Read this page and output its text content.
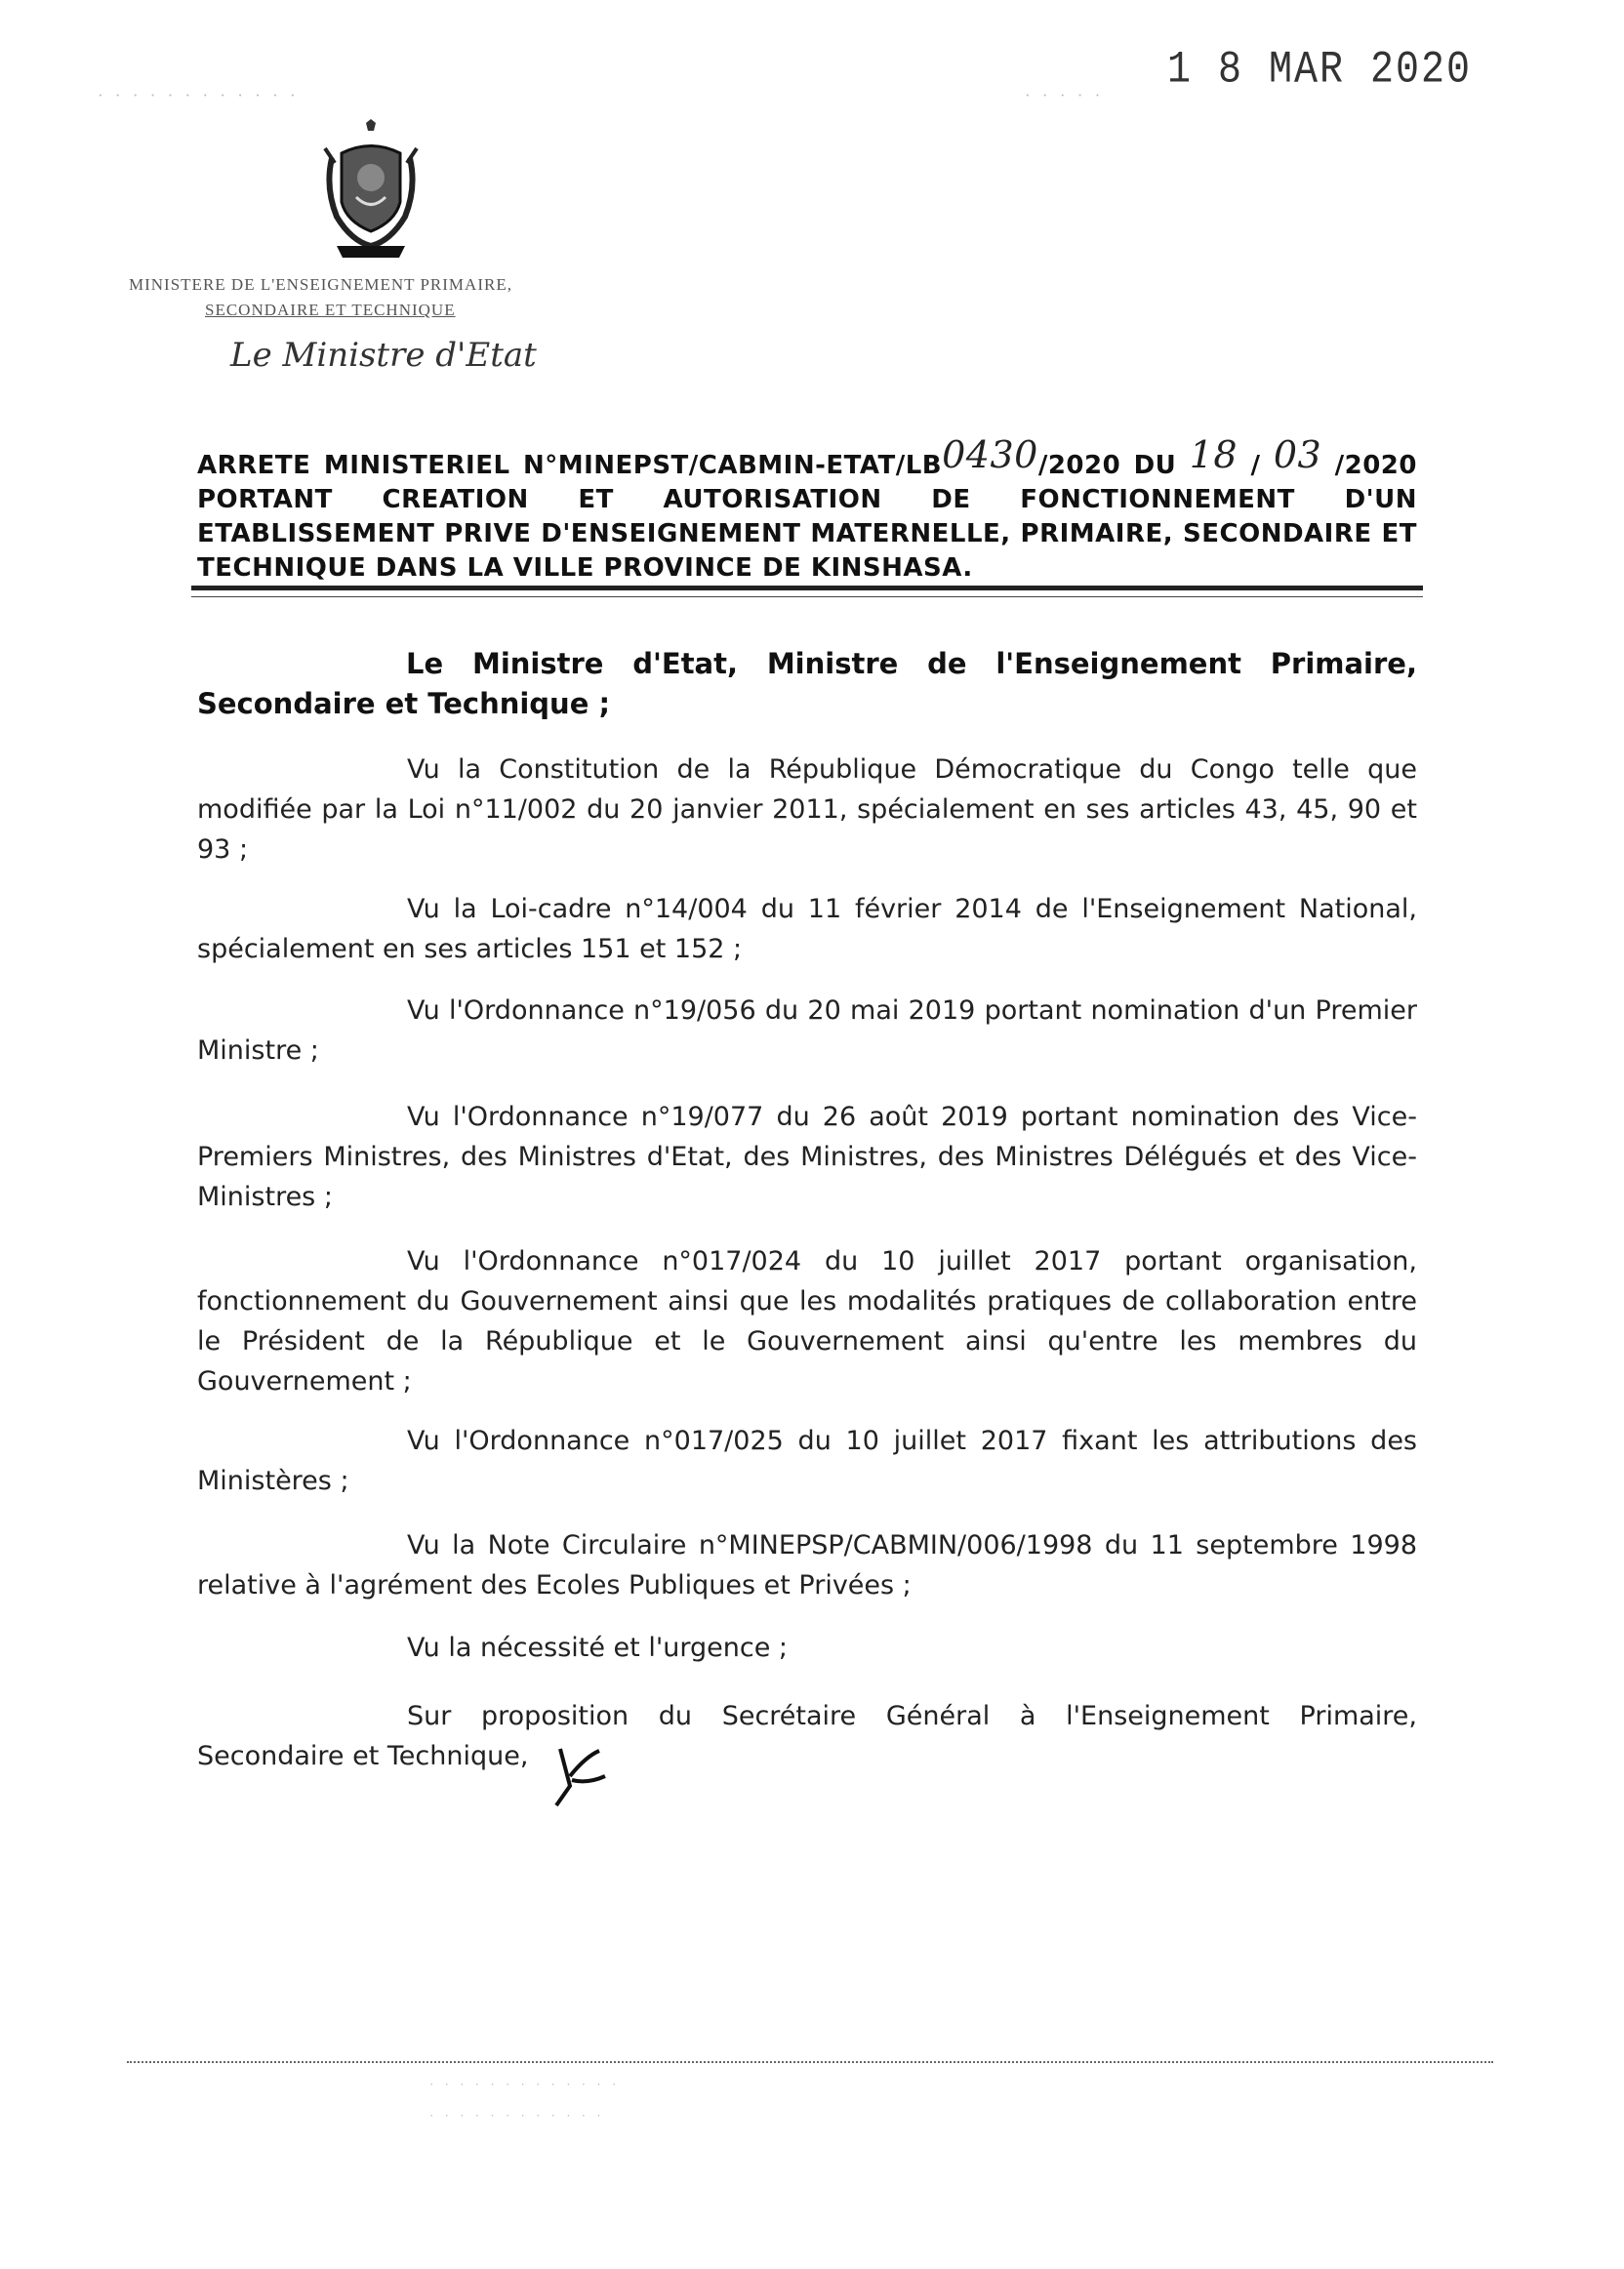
· · · · · · · · · · · ·	· · · · · 1 8 MAR 2020
MINISTERE DE L'ENSEIGNEMENT PRIMAIRE,
SECONDAIRE ET TECHNIQUE
Le Ministre d'Etat
ARRETE MINISTERIEL N°MINEPST/CABMIN-ETAT/LB0430/2020 DU 18 / 03 /2020 PORTANT CREATION ET AUTORISATION DE FONCTIONNEMENT D'UN ETABLISSEMENT PRIVE D'ENSEIGNEMENT MATERNELLE, PRIMAIRE, SECONDAIRE ET TECHNIQUE DANS LA VILLE PROVINCE DE KINSHASA.
Le Ministre d'Etat, Ministre de l'Enseignement Primaire, Secondaire et Technique ;
Vu la Constitution de la République Démocratique du Congo telle que modifiée par la Loi n°11/002 du 20 janvier 2011, spécialement en ses articles 43, 45, 90 et 93 ;
Vu la Loi-cadre n°14/004 du 11 février 2014 de l'Enseignement National, spécialement en ses articles 151 et 152 ;
Vu l'Ordonnance n°19/056 du 20 mai 2019 portant nomination d'un Premier Ministre ;
Vu l'Ordonnance n°19/077 du 26 août 2019 portant nomination des Vice-Premiers Ministres, des Ministres d'Etat, des Ministres, des Ministres Délégués et des Vice-Ministres ;
Vu l'Ordonnance n°017/024 du 10 juillet 2017 portant organisation, fonctionnement du Gouvernement ainsi que les modalités pratiques de collaboration entre le Président de la République et le Gouvernement ainsi qu'entre les membres du Gouvernement ;
Vu l'Ordonnance n°017/025 du 10 juillet 2017 fixant les attributions des Ministères ;
Vu la Note Circulaire n°MINEPSP/CABMIN/006/1998 du 11 septembre 1998 relative à l'agrément des Ecoles Publiques et Privées ;
Vu la nécessité et l'urgence ;
Sur proposition du Secrétaire Général à l'Enseignement Primaire, Secondaire et Technique,
· · · · · · · · · · · · ·
· · · · · · · · · · · ·
